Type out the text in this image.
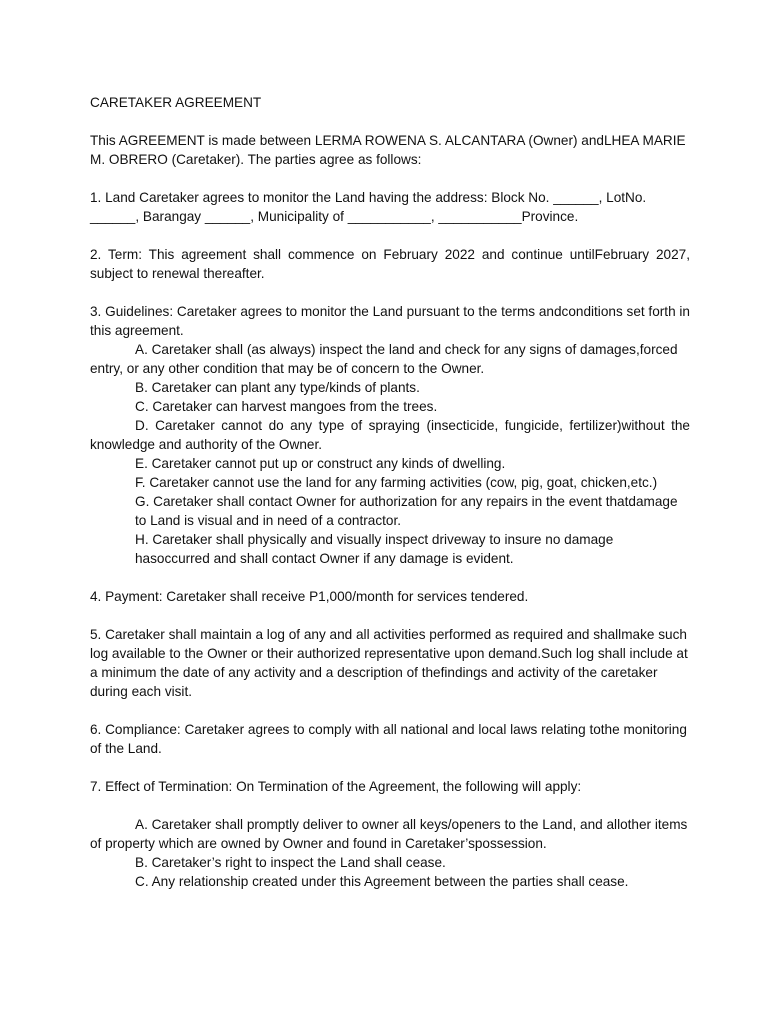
CARETAKER AGREEMENT

This AGREEMENT is made between LERMA ROWENA S. ALCANTARA (Owner) andLHEA MARIE M. OBRERO (Caretaker). The parties agree as follows:

1. Land Caretaker agrees to monitor the Land having the address: Block No. ______, LotNo. ______, Barangay ______, Municipality of ___________, ___________Province.

2. Term: This agreement shall commence on February 2022 and continue untilFebruary 2027, subject to renewal thereafter.

3. Guidelines: Caretaker agrees to monitor the Land pursuant to the terms andconditions set forth in this agreement.

A. Caretaker shall (as always) inspect the land and check for any signs of damages,forced entry, or any other condition that may be of concern to the Owner.

B. Caretaker can plant any type/kinds of plants.

C. Caretaker can harvest mangoes from the trees.

D. Caretaker cannot do any type of spraying (insecticide, fungicide, fertilizer)without the knowledge and authority of the Owner.

E. Caretaker cannot put up or construct any kinds of dwelling.

F. Caretaker cannot use the land for any farming activities (cow, pig, goat, chicken,etc.)

G. Caretaker shall contact Owner for authorization for any repairs in the event thatdamage to Land is visual and in need of a contractor.

H. Caretaker shall physically and visually inspect driveway to insure no damage hasoccurred and shall contact Owner if any damage is evident.

4. Payment: Caretaker shall receive P1,000/month for services tendered.

5. Caretaker shall maintain a log of any and all activities performed as required and shallmake such log available to the Owner or their authorized representative upon demand.Such log shall include at a minimum the date of any activity and a description of thefindings and activity of the caretaker during each visit.

6. Compliance: Caretaker agrees to comply with all national and local laws relating tothe monitoring of the Land.

7. Effect of Termination: On Termination of the Agreement, the following will apply:

A. Caretaker shall promptly deliver to owner all keys/openers to the Land, and allother items of property which are owned by Owner and found in Caretaker’spossession.

B. Caretaker’s right to inspect the Land shall cease.

C. Any relationship created under this Agreement between the parties shall cease.
